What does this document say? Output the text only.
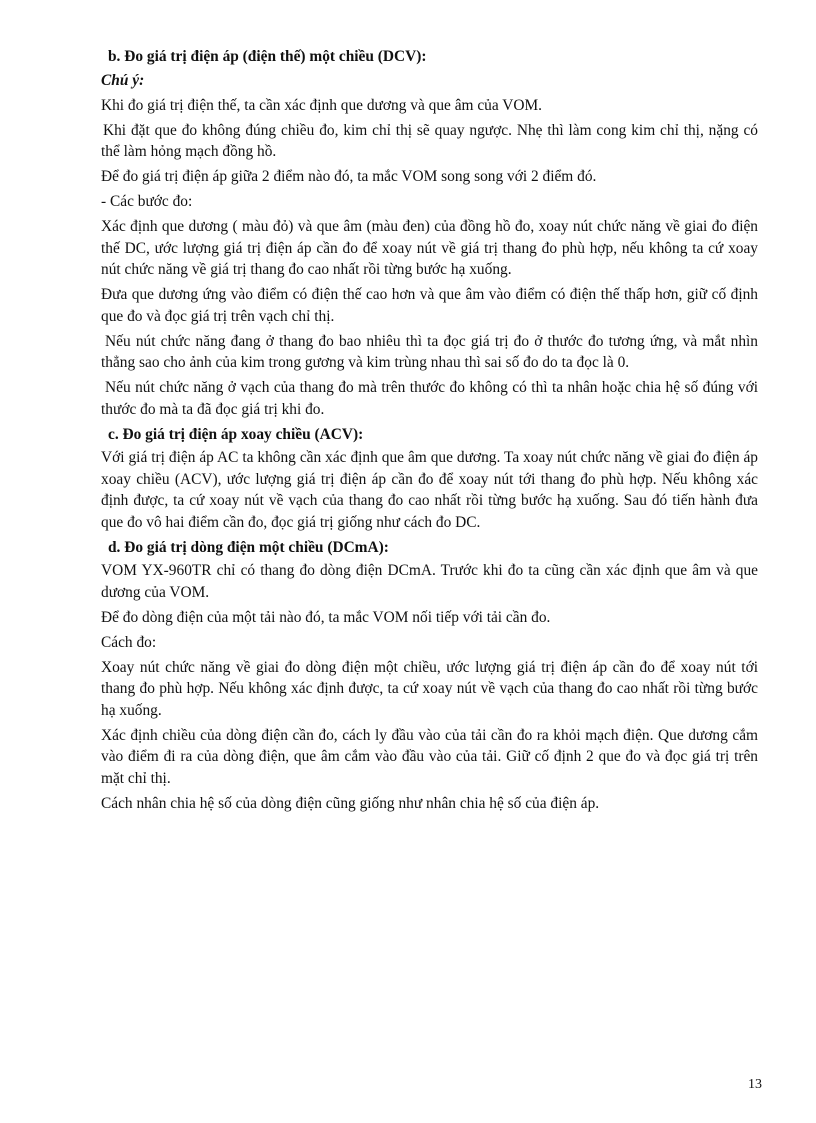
b. Đo giá trị điện áp (điện thế) một chiều (DCV):

Chú ý:

Khi đo giá trị điện thế, ta cần xác định que dương và que âm của VOM.

Khi đặt que đo không đúng chiều đo, kim chỉ thị sẽ quay ngược. Nhẹ thì làm cong kim chỉ thị, nặng có thể làm hỏng mạch đồng hồ.

Để đo giá trị điện áp giữa 2 điểm nào đó, ta mắc VOM song song với 2 điểm đó.

- Các bước đo:

Xác định que dương ( màu đỏ) và que âm (màu đen) của đồng hồ đo, xoay nút chức năng về giai đo điện thế DC, ước lượng giá trị điện áp cần đo để xoay nút về giá trị thang đo phù hợp, nếu không ta cứ xoay nút chức năng về giá trị thang đo cao nhất rồi từng bước hạ xuống.

Đưa que dương ứng vào điểm có điện thế cao hơn và que âm vào điểm có điện thế thấp hơn, giữ cố định que đo và đọc giá trị trên vạch chỉ thị.

Nếu nút chức năng đang ở thang đo bao nhiêu thì ta đọc giá trị đo ở thước đo tương ứng, và mắt nhìn thẳng sao cho ảnh của kim trong gương và kim trùng nhau thì sai số đo do ta đọc là 0.

Nếu nút chức năng ở vạch của thang đo mà trên thước đo không có thì ta nhân hoặc chia hệ số đúng với thước đo mà ta đã đọc giá trị khi đo.

c. Đo giá trị điện áp xoay chiều (ACV):

Với giá trị điện áp AC ta không cần xác định que âm que dương. Ta xoay nút chức năng về giai đo điện áp xoay chiều (ACV), ước lượng giá trị điện áp cần đo để xoay nút tới thang đo phù hợp. Nếu không xác định được, ta cứ xoay nút về vạch của thang đo cao nhất rồi từng bước hạ xuống. Sau đó tiến hành đưa que đo vô hai điểm cần đo, đọc giá trị giống như cách đo DC.

d. Đo giá trị dòng điện một chiều (DCmA):

VOM YX-960TR chỉ có thang đo dòng điện DCmA. Trước khi đo ta cũng cần xác định que âm và que dương của VOM.

Để đo dòng điện của một tải nào đó, ta mắc VOM nối tiếp với tải cần đo.

Cách đo:

Xoay nút chức năng về giai đo dòng điện một chiều, ước lượng giá trị điện áp cần đo để xoay nút tới thang đo phù hợp. Nếu không xác định được, ta cứ xoay nút về vạch của thang đo cao nhất rồi từng bước hạ xuống.

Xác định chiều của dòng điện cần đo, cách ly đầu vào của tải cần đo ra khỏi mạch điện. Que dương cắm vào điểm đi ra của dòng điện, que âm cắm vào đầu vào của tải. Giữ cố định 2 que đo và đọc giá trị trên mặt chỉ thị.

Cách nhân chia hệ số của dòng điện cũng giống như nhân chia hệ số của điện áp.

13
